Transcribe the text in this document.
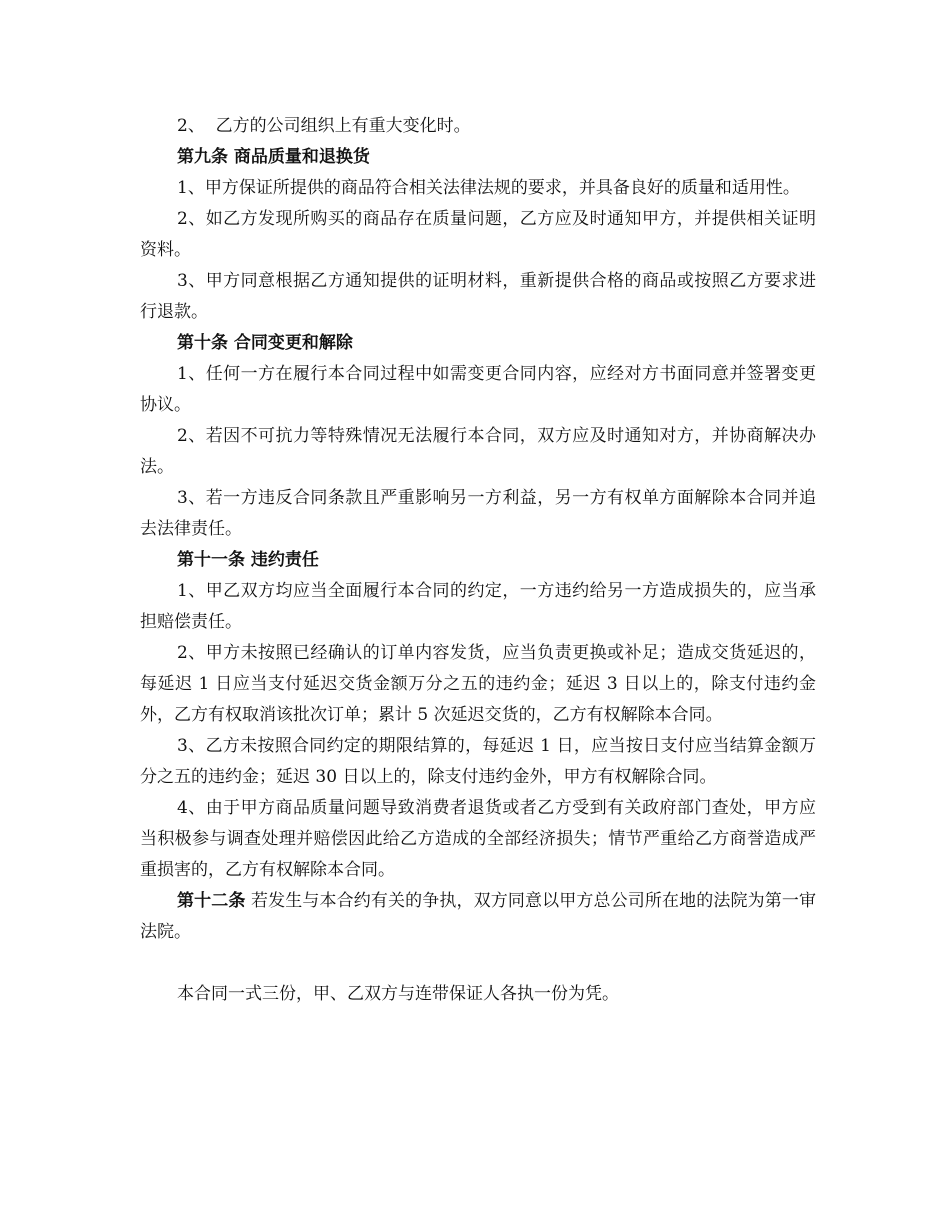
2、  乙方的公司组织上有重大变化时。

第九条 商品质量和退换货

1、甲方保证所提供的商品符合相关法律法规的要求，并具备良好的质量和适用性。

2、如乙方发现所购买的商品存在质量问题，乙方应及时通知甲方，并提供相关证明资料。

3、甲方同意根据乙方通知提供的证明材料，重新提供合格的商品或按照乙方要求进行退款。

第十条 合同变更和解除

1、任何一方在履行本合同过程中如需变更合同内容，应经对方书面同意并签署变更协议。

2、若因不可抗力等特殊情况无法履行本合同，双方应及时通知对方，并协商解决办法。

3、若一方违反合同条款且严重影响另一方利益，另一方有权单方面解除本合同并追去法律责任。

第十一条 违约责任

1、甲乙双方均应当全面履行本合同的约定，一方违约给另一方造成损失的，应当承担赔偿责任。

2、甲方未按照已经确认的订单内容发货，应当负责更换或补足；造成交货延迟的，每延迟 1 日应当支付延迟交货金额万分之五的违约金；延迟 3 日以上的，除支付违约金外，乙方有权取消该批次订单；累计 5 次延迟交货的，乙方有权解除本合同。

3、乙方未按照合同约定的期限结算的，每延迟 1 日，应当按日支付应当结算金额万分之五的违约金；延迟 30 日以上的，除支付违约金外，甲方有权解除合同。

4、由于甲方商品质量问题导致消费者退货或者乙方受到有关政府部门查处，甲方应当积极参与调查处理并赔偿因此给乙方造成的全部经济损失；情节严重给乙方商誉造成严重损害的，乙方有权解除本合同。

第十二条 若发生与本合约有关的争执，双方同意以甲方总公司所在地的法院为第一审法院。

本合同一式三份，甲、乙双方与连带保证人各执一份为凭。
